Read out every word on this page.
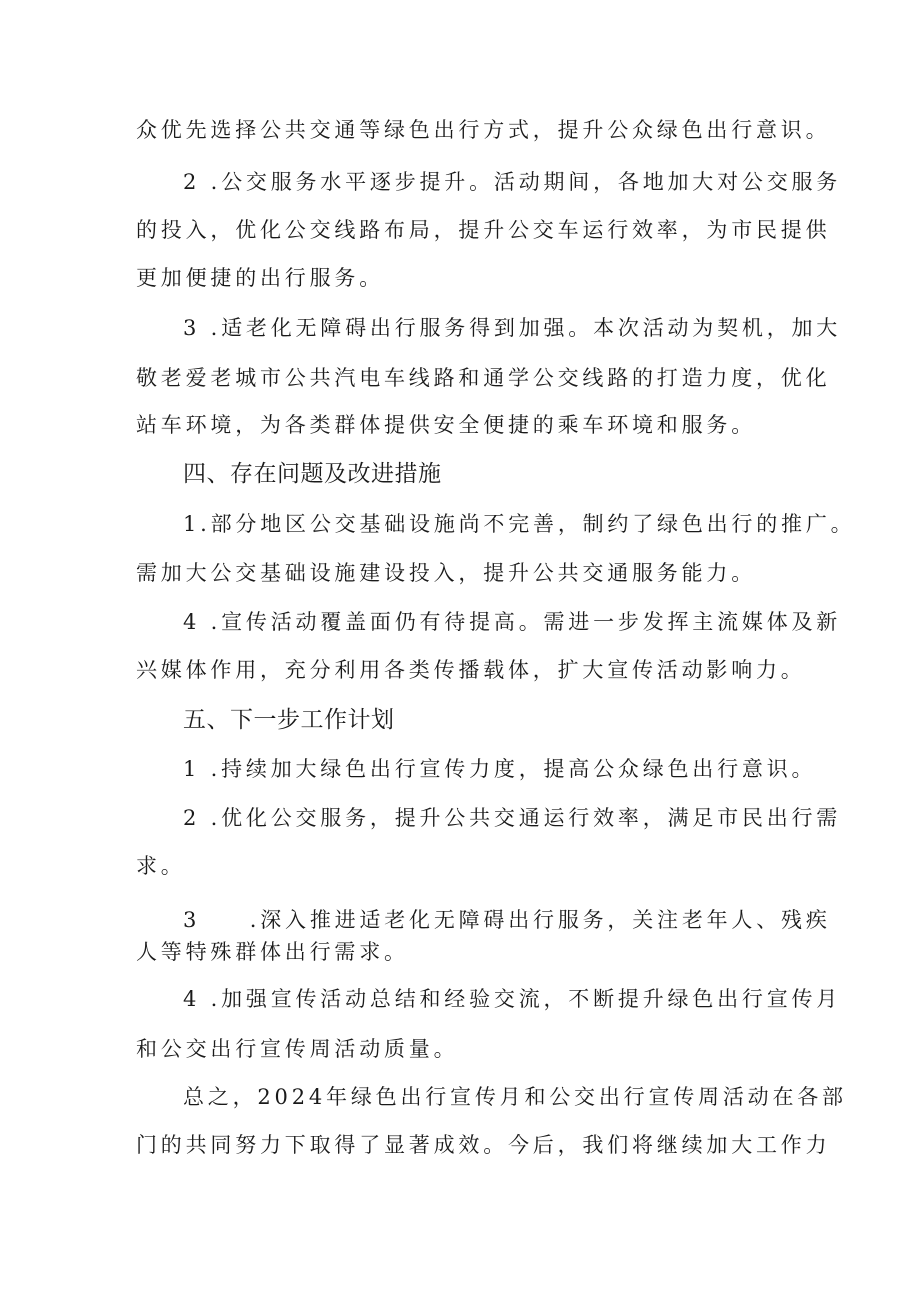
众优先选择公共交通等绿色出行方式，提升公众绿色出行意识。
2 .公交服务水平逐步提升。活动期间，各地加大对公交服务
的投入，优化公交线路布局，提升公交车运行效率，为市民提供
更加便捷的出行服务。
3 .适老化无障碍出行服务得到加强。本次活动为契机，加大
敬老爱老城市公共汽电车线路和通学公交线路的打造力度，优化
站车环境，为各类群体提供安全便捷的乘车环境和服务。
四、存在问题及改进措施
1.部分地区公交基础设施尚不完善，制约了绿色出行的推广。
需加大公交基础设施建设投入，提升公共交通服务能力。
4 .宣传活动覆盖面仍有待提高。需进一步发挥主流媒体及新
兴媒体作用，充分利用各类传播载体，扩大宣传活动影响力。
五、下一步工作计划
1 .持续加大绿色出行宣传力度，提高公众绿色出行意识。
2 .优化公交服务，提升公共交通运行效率，满足市民出行需
求。
3　　.深入推进适老化无障碍出行服务，关注老年人、残疾
人等特殊群体出行需求。
4 .加强宣传活动总结和经验交流，不断提升绿色出行宣传月
和公交出行宣传周活动质量。
总之，2024年绿色出行宣传月和公交出行宣传周活动在各部
门的共同努力下取得了显著成效。今后，我们将继续加大工作力
